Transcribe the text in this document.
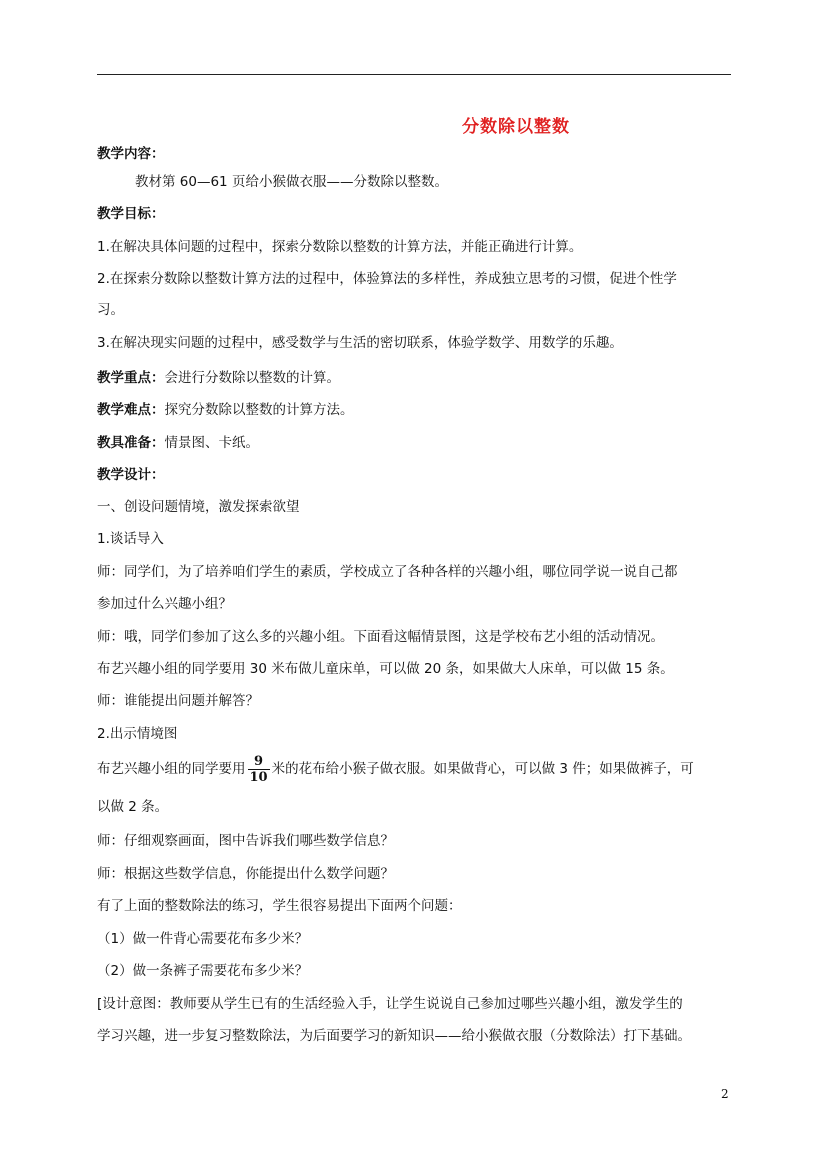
分数除以整数
教学内容：
教材第 60—61 页给小猴做衣服——分数除以整数。
教学目标：
1.在解决具体问题的过程中，探索分数除以整数的计算方法，并能正确进行计算。
2.在探索分数除以整数计算方法的过程中，体验算法的多样性，养成独立思考的习惯，促进个性学
习。
3.在解决现实问题的过程中，感受数学与生活的密切联系，体验学数学、用数学的乐趣。
教学重点：会进行分数除以整数的计算。
教学难点：探究分数除以整数的计算方法。
教具准备：情景图、卡纸。
教学设计：
一、创设问题情境，激发探索欲望
1.谈话导入
师：同学们，为了培养咱们学生的素质，学校成立了各种各样的兴趣小组，哪位同学说一说自己都
参加过什么兴趣小组？
师：哦，同学们参加了这么多的兴趣小组。下面看这幅情景图，这是学校布艺小组的活动情况。
布艺兴趣小组的同学要用 30 米布做儿童床单，可以做 20 条，如果做大人床单，可以做 15 条。
师：谁能提出问题并解答？
2.出示情境图
布艺兴趣小组的同学要用 $\frac{9}{10}$ 米的花布给小猴子做衣服。如果做背心，可以做 3 件；如果做裤子，可
以做 2 条。
师：仔细观察画面，图中告诉我们哪些数学信息？
师：根据这些数学信息，你能提出什么数学问题？
有了上面的整数除法的练习，学生很容易提出下面两个问题：
（1）做一件背心需要花布多少米？
（2）做一条裤子需要花布多少米？
[设计意图：教师要从学生已有的生活经验入手，让学生说说自己参加过哪些兴趣小组，激发学生的
学习兴趣，进一步复习整数除法，为后面要学习的新知识——给小猴做衣服（分数除法）打下基础。
2
